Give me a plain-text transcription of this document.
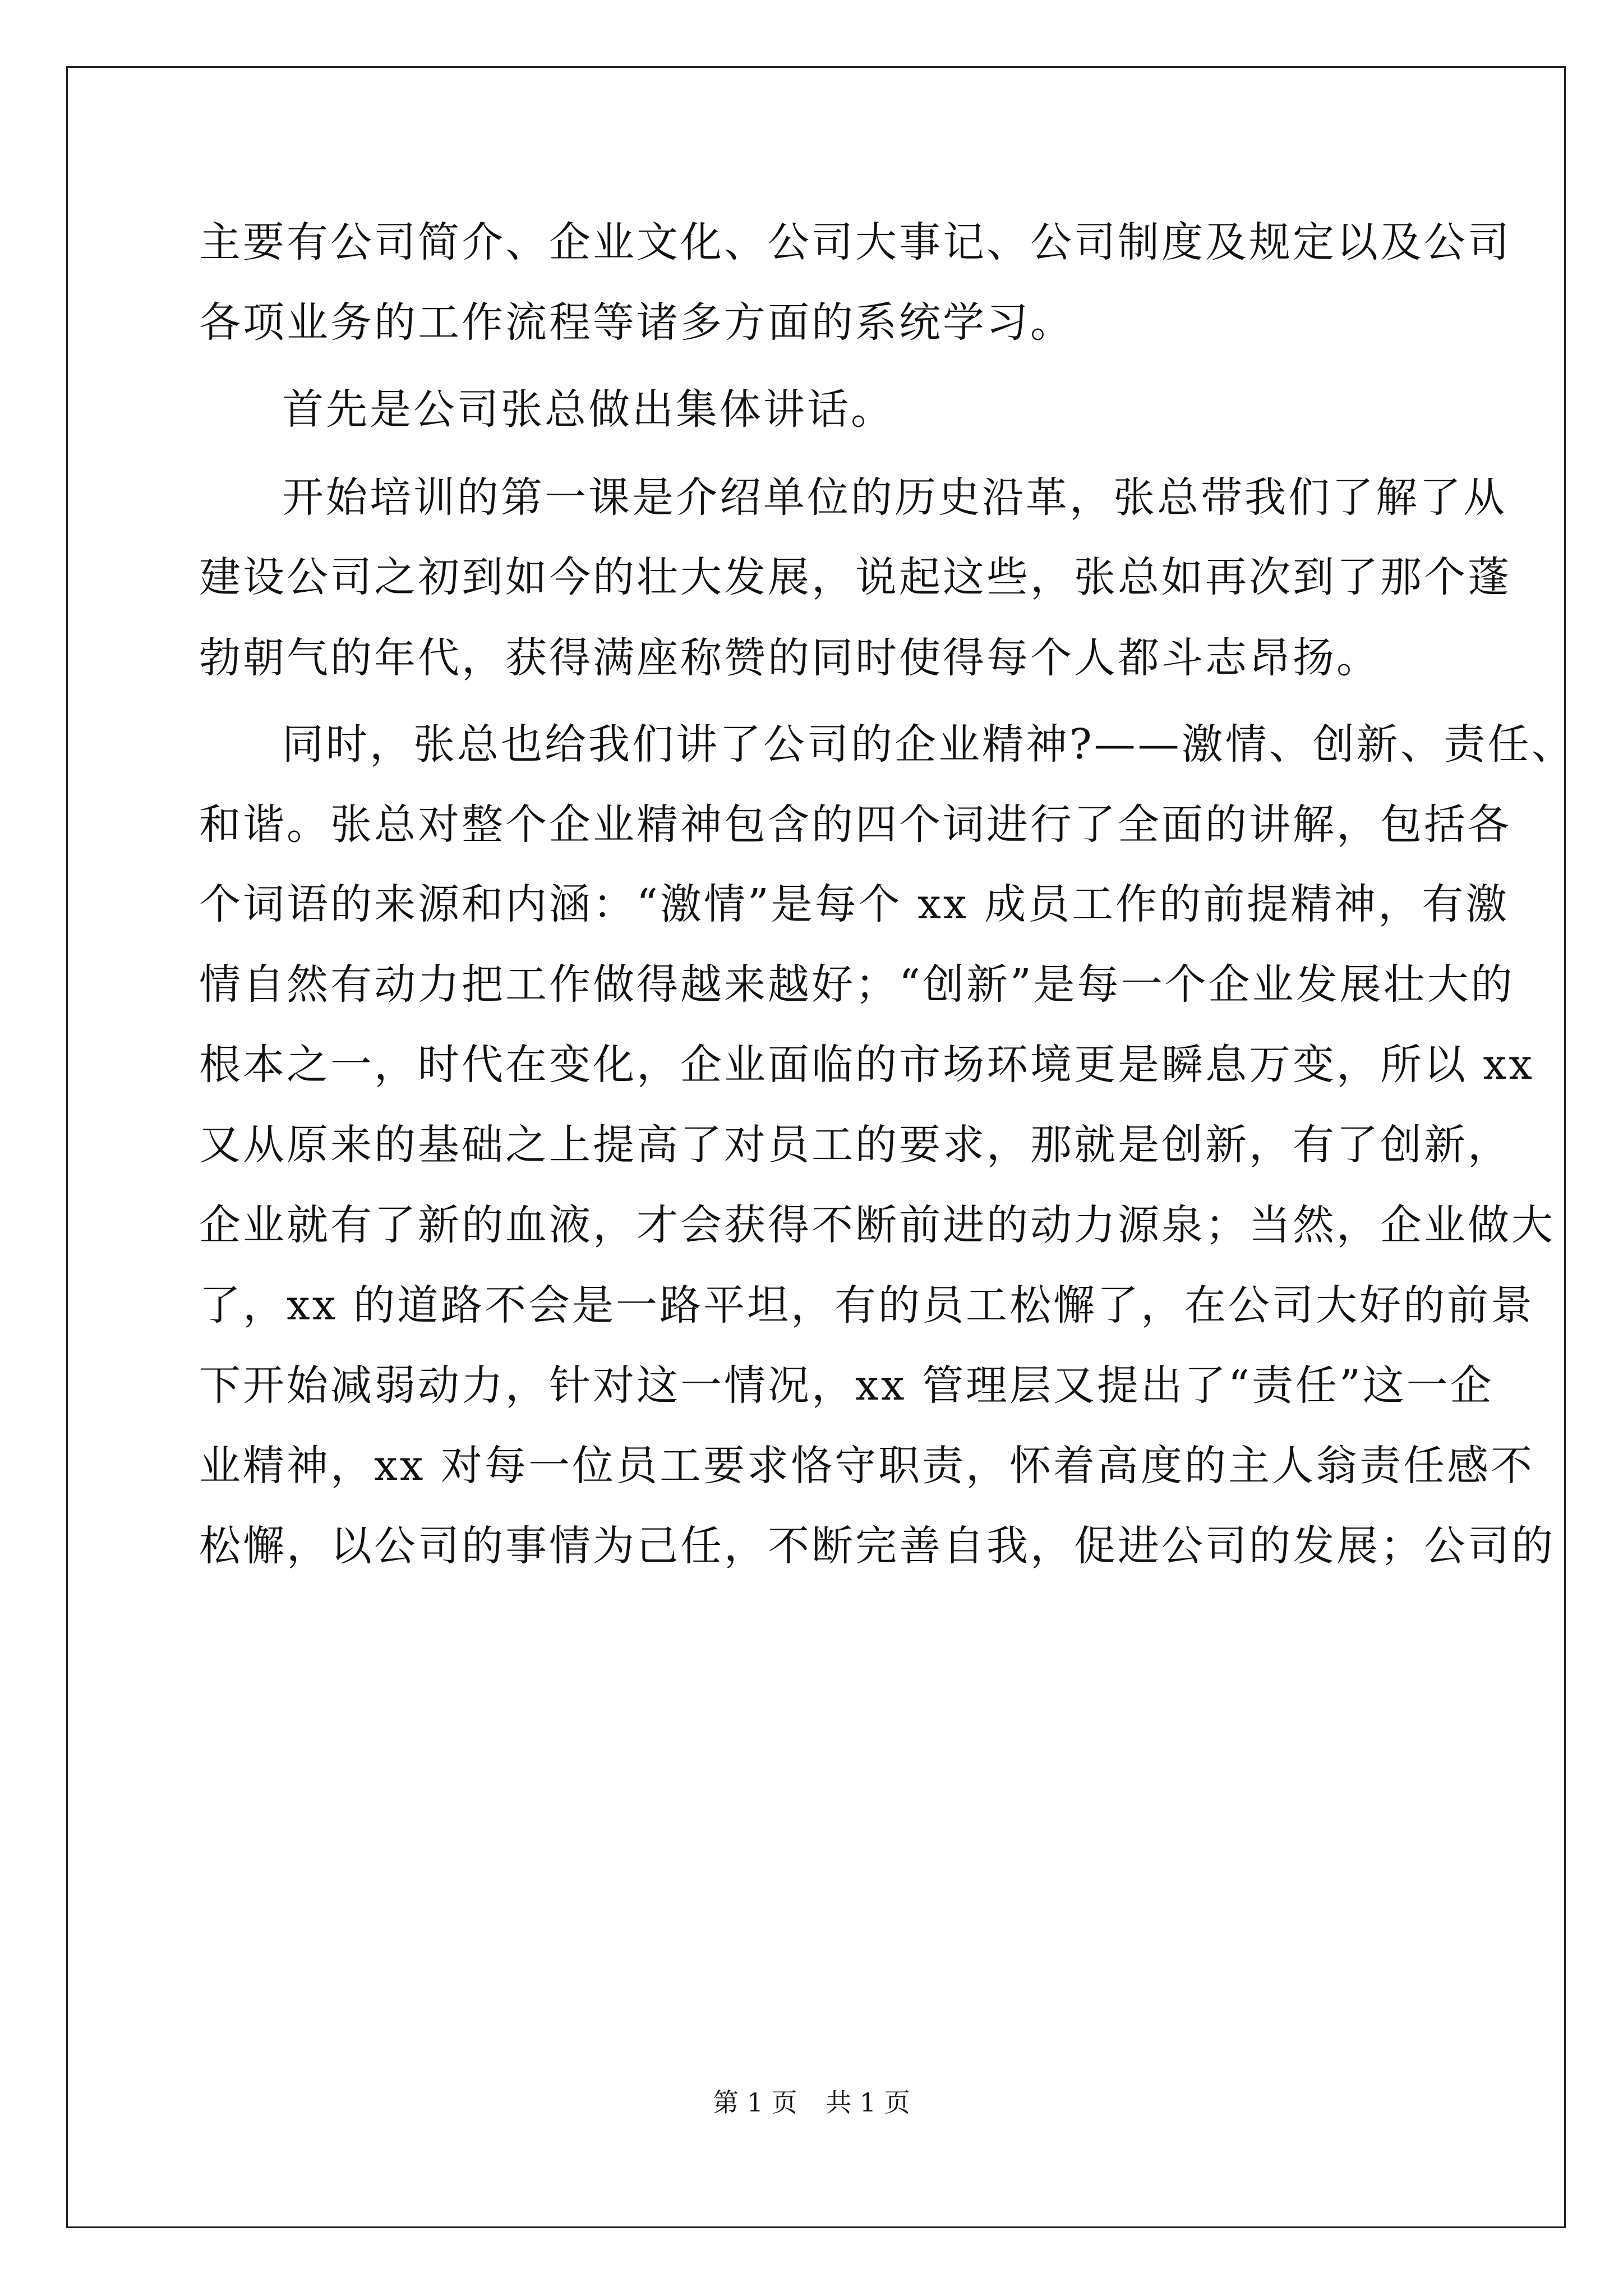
主要有公司简介、企业文化、公司大事记、公司制度及规定以及公司
各项业务的工作流程等诸多方面的系统学习。
首先是公司张总做出集体讲话。
开始培训的第一课是介绍单位的历史沿革，张总带我们了解了从
建设公司之初到如今的壮大发展，说起这些，张总如再次到了那个蓬
勃朝气的年代，获得满座称赞的同时使得每个人都斗志昂扬。
同时，张总也给我们讲了公司的企业精神?——激情、创新、责任、
和谐。张总对整个企业精神包含的四个词进行了全面的讲解，包括各
个词语的来源和内涵：“激情”是每个 xx 成员工作的前提精神，有激
情自然有动力把工作做得越来越好；“创新”是每一个企业发展壮大的
根本之一，时代在变化，企业面临的市场环境更是瞬息万变，所以 xx
又从原来的基础之上提高了对员工的要求，那就是创新，有了创新，
企业就有了新的血液，才会获得不断前进的动力源泉；当然，企业做大
了，xx 的道路不会是一路平坦，有的员工松懈了，在公司大好的前景
下开始减弱动力，针对这一情况，xx 管理层又提出了“责任”这一企
业精神，xx 对每一位员工要求恪守职责，怀着高度的主人翁责任感不
松懈，以公司的事情为己任，不断完善自我，促进公司的发展；公司的
第 1 页 共 1 页
